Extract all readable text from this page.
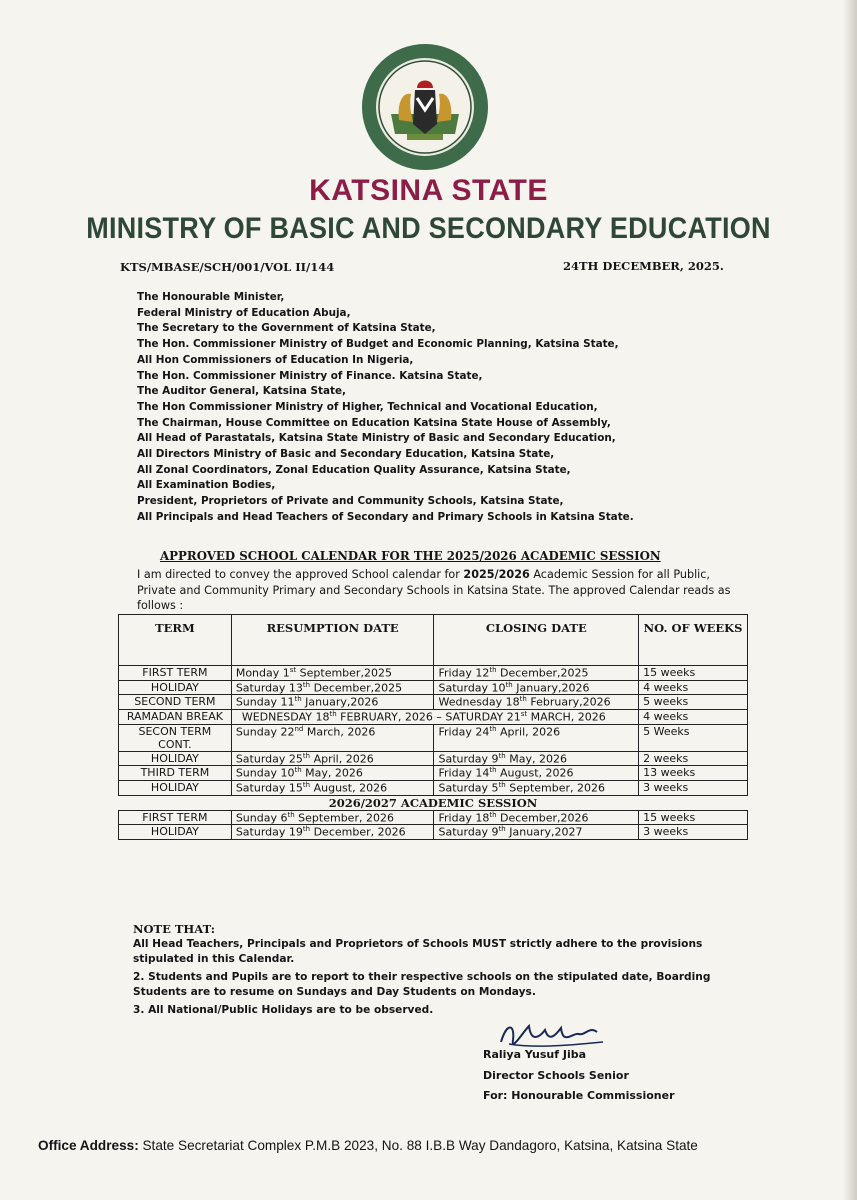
KATSINA STATE
MINISTRY OF BASIC AND SECONDARY EDUCATION
KTS/MBASE/SCH/001/VOL II/144	24TH DECEMBER, 2025.
The Honourable Minister,
Federal Ministry of Education Abuja,
The Secretary to the Government of Katsina State,
The Hon. Commissioner Ministry of Budget and Economic Planning, Katsina State,
All Hon Commissioners of Education In Nigeria,
The Hon. Commissioner Ministry of Finance. Katsina State,
The Auditor General, Katsina State,
The Hon Commissioner Ministry of Higher, Technical and Vocational Education,
The Chairman, House Committee on Education Katsina State House of Assembly,
All Head of Parastatals, Katsina State Ministry of Basic and Secondary Education,
All Directors Ministry of Basic and Secondary Education, Katsina State,
All Zonal Coordinators, Zonal Education Quality Assurance, Katsina State,
All Examination Bodies,
President, Proprietors of Private and Community Schools, Katsina State,
All Principals and Head Teachers of Secondary and Primary Schools in Katsina State.
APPROVED SCHOOL CALENDAR FOR THE 2025/2026 ACADEMIC SESSION
I am directed to convey the approved School calendar for 2025/2026 Academic Session for all Public, Private and Community Primary and Secondary Schools in Katsina State. The approved Calendar reads as follows :
TERM	RESUMPTION DATE	CLOSING DATE	NO. OF WEEKS
FIRST TERM	Monday 1st September,2025	Friday 12th December,2025	15 weeks
HOLIDAY	Saturday 13th December,2025	Saturday 10th January,2026	4 weeks
SECOND TERM	Sunday 11th January,2026	Wednesday 18th February,2026	5 weeks
RAMADAN BREAK	WEDNESDAY 18th FEBRUARY, 2026 – SATURDAY 21st MARCH, 2026		4 weeks
SECON TERM CONT.	Sunday 22nd March, 2026	Friday 24th April, 2026	5 Weeks
HOLIDAY	Saturday 25th April, 2026	Saturday 9th May, 2026	2 weeks
THIRD TERM	Sunday 10th May, 2026	Friday 14th August, 2026	13 weeks
HOLIDAY	Saturday 15th August, 2026	Saturday 5th September, 2026	3 weeks
2026/2027 ACADEMIC SESSION			
FIRST TERM	Sunday 6th September, 2026	Friday 18th December,2026	15 weeks
HOLIDAY	Saturday 19th December, 2026	Saturday 9th January,2027	3 weeks
NOTE THAT:
All Head Teachers, Principals and Proprietors of Schools MUST strictly adhere to the provisions stipulated in this Calendar.
2. Students and Pupils are to report to their respective schools on the stipulated date, Boarding Students are to resume on Sundays and Day Students on Mondays.
3. All National/Public Holidays are to be observed.
Raliya Yusuf Jiba
Director Schools Senior
For: Honourable Commissioner
Office Address: State Secretariat Complex P.M.B 2023, No. 88 I.B.B Way Dandagoro, Katsina, Katsina State
